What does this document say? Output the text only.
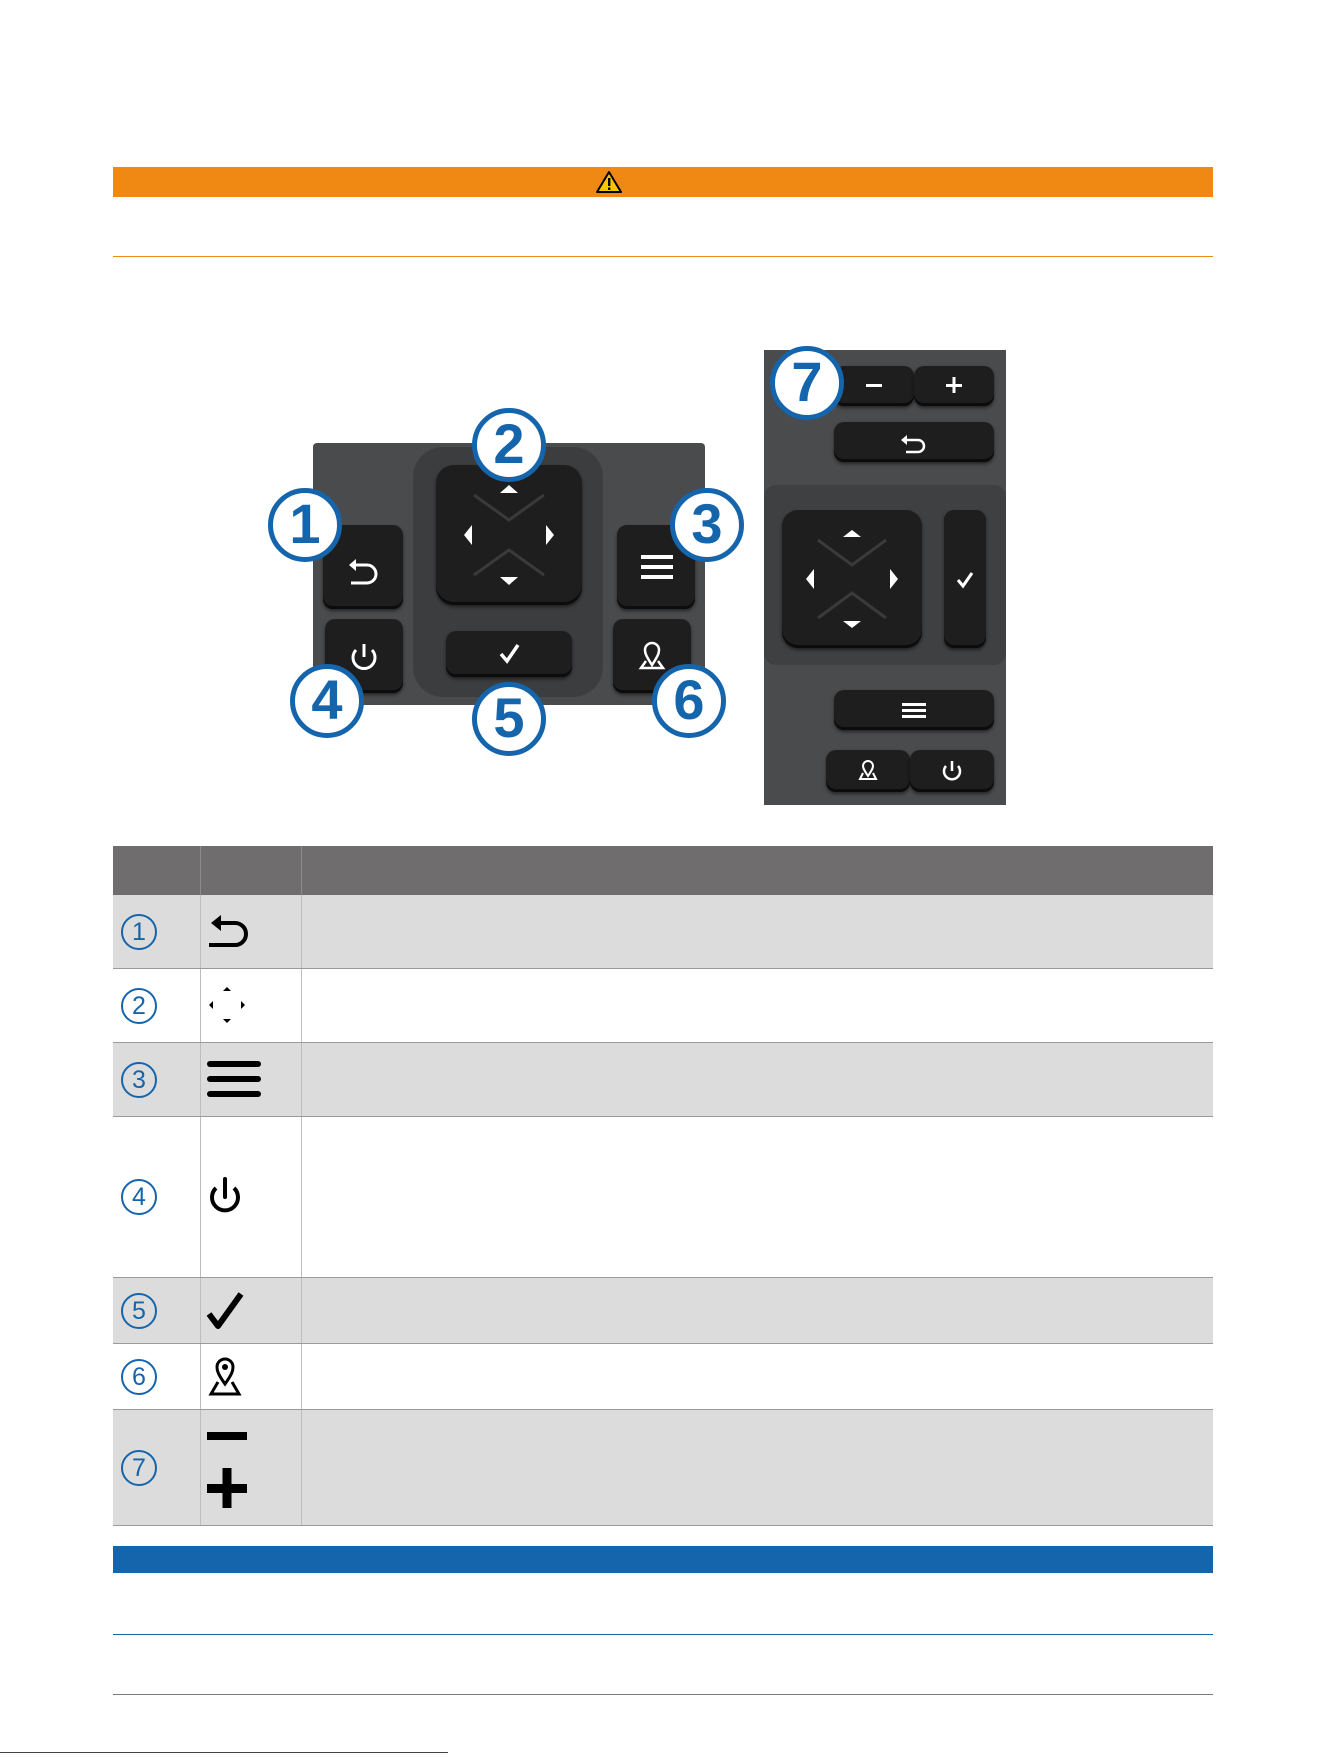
1
2
3
4	5	6
7
1
2
3
4
5
6
7
